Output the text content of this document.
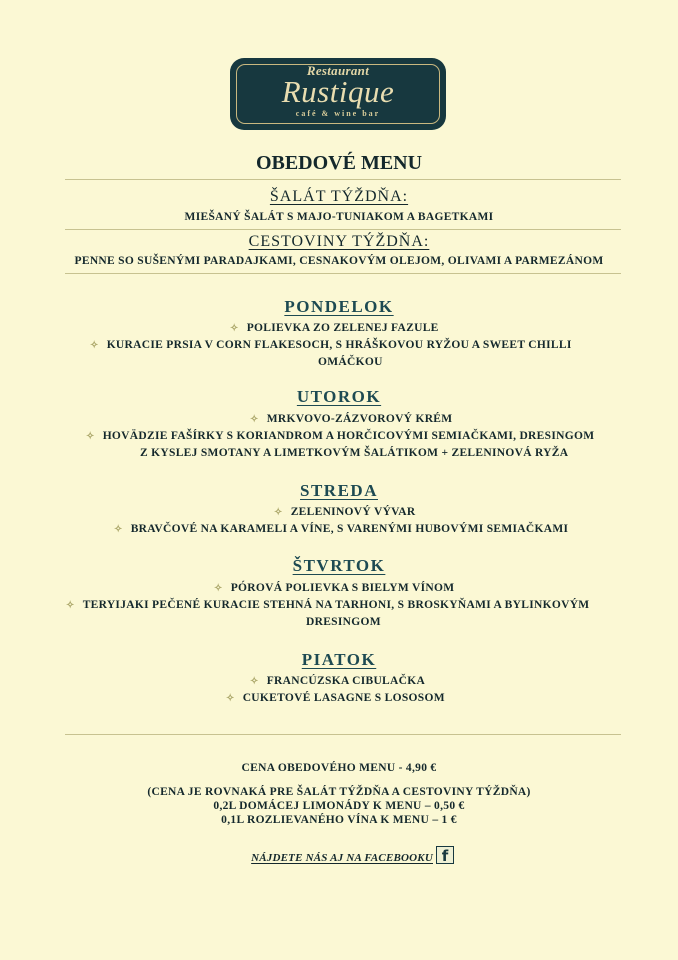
Restaurant
Rustique
café & wine bar
OBEDOVÉ MENU
ŠALÁT TÝŽDŇA:
MIEŠANÝ ŠALÁT S MAJO-TUNIAKOM A BAGETKAMI
CESTOVINY TÝŽDŇA:
PENNE SO SUŠENÝMI PARADAJKAMI, CESNAKOVÝM OLEJOM, OLIVAMI A PARMEZÁNOM
PONDELOK
✧ POLIEVKA ZO ZELENEJ FAZULE
✧ KURACIE PRSIA V CORN FLAKESOCH, S HRÁŠKOVOU RYŽOU A SWEET CHILLI
OMÁČKOU
UTOROK
✧ MRKVOVO-ZÁZVOROVÝ KRÉM
✧ HOVÄDZIE FAŠÍRKY S KORIANDROM A HORČICOVÝMI SEMIAČKAMI, DRESINGOM
Z KYSLEJ SMOTANY A LIMETKOVÝM ŠALÁTIKOM + ZELENINOVÁ RYŽA
STREDA
✧ ZELENINOVÝ VÝVAR
✧ BRAVČOVÉ NA KARAMELI A VÍNE, S VARENÝMI HUBOVÝMI SEMIAČKAMI
ŠTVRTOK
✧ PÓROVÁ POLIEVKA S BIELYM VÍNOM
✧ TERYIJAKI PEČENÉ KURACIE STEHNÁ NA TARHONI, S BROSKYŇAMI A BYLINKOVÝM
DRESINGOM
PIATOK
✧ FRANCÚZSKA CIBULAČKA
✧ CUKETOVÉ LASAGNE S LOSOSOM
CENA OBEDOVÉHO MENU - 4,90 €
(CENA JE ROVNAKÁ PRE ŠALÁT TÝŽDŇA A CESTOVINY TÝŽDŇA)
0,2L DOMÁCEJ LIMONÁDY K MENU – 0,50 €
0,1L ROZLIEVANÉHO VÍNA K MENU – 1 €
NÁJDETE NÁS AJ NA FACEBOOKU f
